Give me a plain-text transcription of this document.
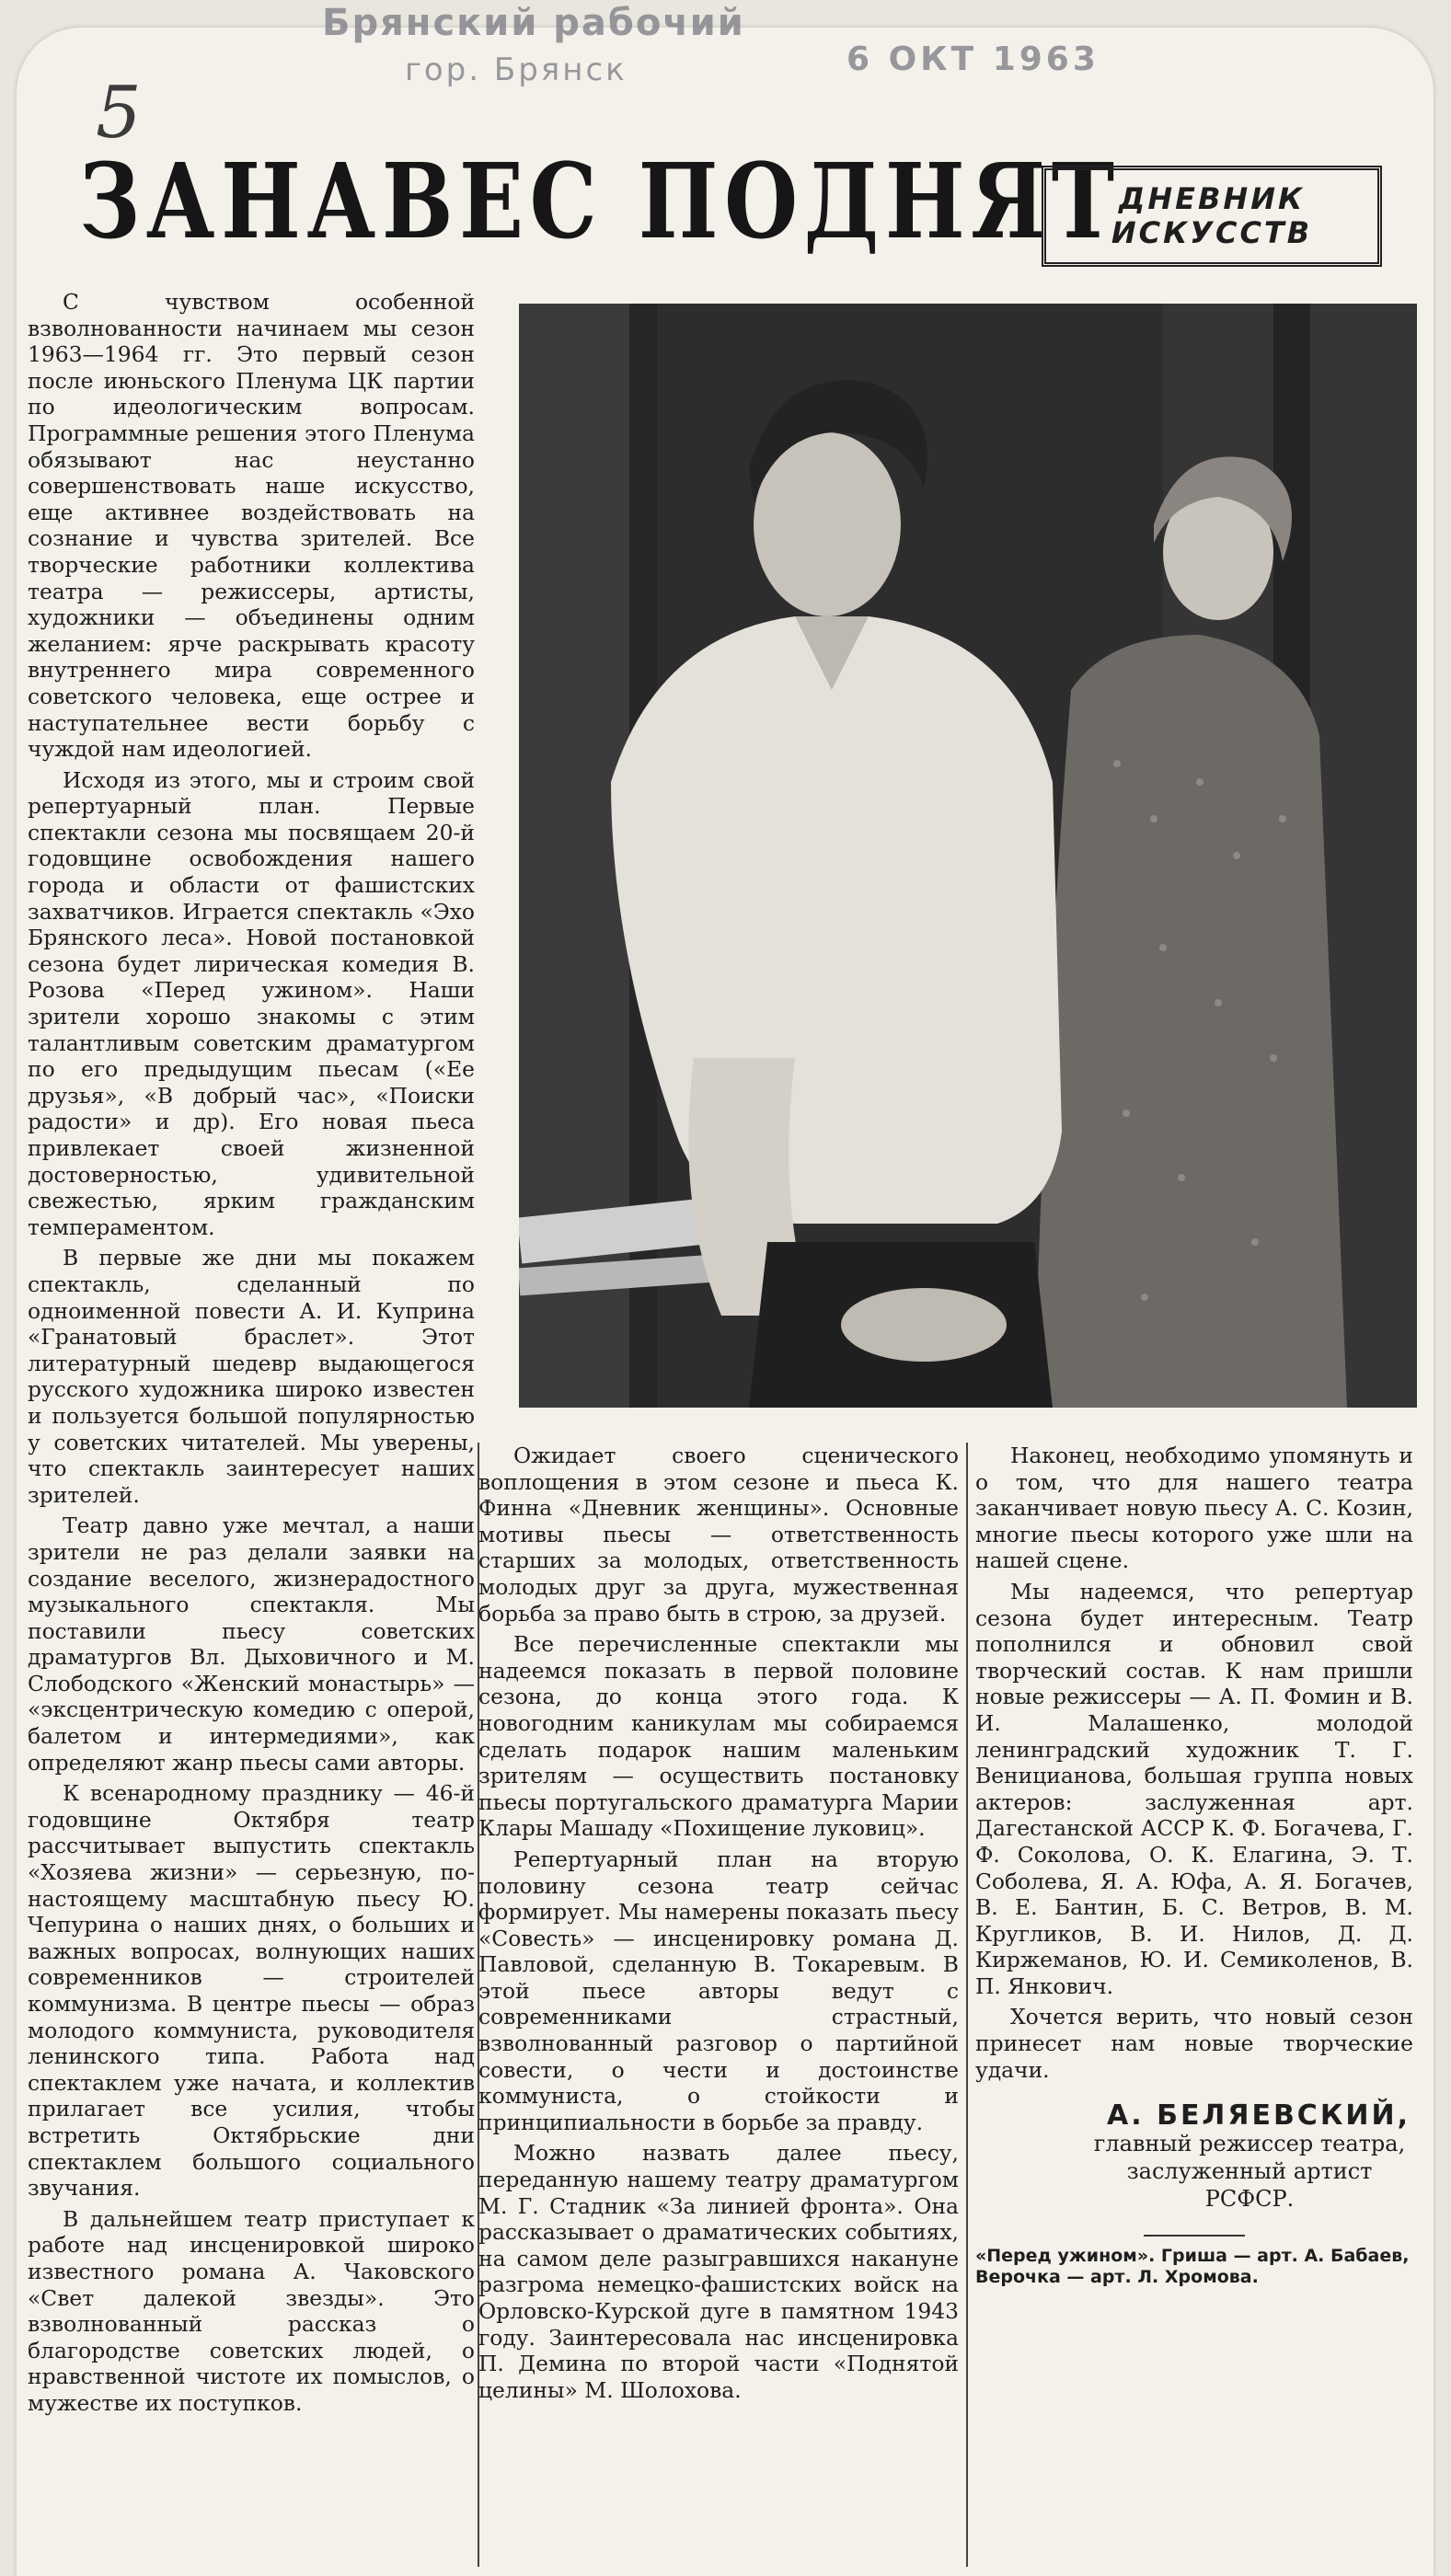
Брянский рабочий
гор. Брянск	6 ОКТ 1963
5
ЗАНАВЕС ПОДНЯТ
ДНЕВНИК
ИСКУССТВ

С чувством особенной взволнованности начинаем мы сезон 1963—1964 гг. Это первый сезон после июньского Пленума ЦК партии по идеологическим вопросам. Программные решения этого Пленума обязывают нас неустанно совершенствовать наше искусство, еще активнее воздействовать на сознание и чувства зрителей. Все творческие работники коллектива театра — режиссеры, артисты, художники — объединены одним желанием: ярче раскрывать красоту внутреннего мира современного советского человека, еще острее и наступательнее вести борьбу с чуждой нам идеологией.

Исходя из этого, мы и строим свой репертуарный план. Первые спектакли сезона мы посвящаем 20-й годовщине освобождения нашего города и области от фашистских захватчиков. Играется спектакль «Эхо Брянского леса». Новой постановкой сезона будет лирическая комедия В. Розова «Перед ужином». Наши зрители хорошо знакомы с этим талантливым советским драматургом по его предыдущим пьесам («Ее друзья», «В добрый час», «Поиски радости» и др). Его новая пьеса привлекает своей жизненной достоверностью, удивительной свежестью, ярким гражданским темпераментом.

В первые же дни мы покажем спектакль, сделанный по одноименной повести А. И. Куприна «Гранатовый браслет». Этот литературный шедевр выдающегося русского художника широко известен и пользуется большой популярностью у советских читателей. Мы уверены, что спектакль заинтересует наших зрителей.

Театр давно уже мечтал, а наши зрители не раз делали заявки на создание веселого, жизнерадостного музыкального спектакля. Мы поставили пьесу советских драматургов Вл. Дыховичного и М. Слободского «Женский монастырь» — «эксцентрическую комедию с оперой, балетом и интермедиями», как определяют жанр пьесы сами авторы.

К всенародному празднику — 46-й годовщине Октября театр рассчитывает выпустить спектакль «Хозяева жизни» — серьезную, по-настоящему масштабную пьесу Ю. Чепурина о наших днях, о больших и важных вопросах, волнующих наших современников — строителей коммунизма. В центре пьесы — образ молодого коммуниста, руководителя ленинского типа. Работа над спектаклем уже начата, и коллектив прилагает все усилия, чтобы встретить Октябрьские дни спектаклем большого социального звучания.

В дальнейшем театр приступает к работе над инсценировкой широко известного романа А. Чаковского «Свет далекой звезды». Это взволнованный рассказ о благородстве советских людей, о нравственной чистоте их помыслов, о мужестве их поступков.

Ожидает своего сценического воплощения в этом сезоне и пьеса К. Финна «Дневник женщины». Основные мотивы пьесы — ответственность старших за молодых, ответственность молодых друг за друга, мужественная борьба за право быть в строю, за друзей.

Все перечисленные спектакли мы надеемся показать в первой половине сезона, до конца этого года. К новогодним каникулам мы собираемся сделать подарок нашим маленьким зрителям — осуществить постановку пьесы португальского драматурга Марии Клары Машаду «Похищение луковиц».

Репертуарный план на вторую половину сезона театр сейчас формирует. Мы намерены показать пьесу «Совесть» — инсценировку романа Д. Павловой, сделанную В. Токаревым. В этой пьесе авторы ведут с современниками страстный, взволнованный разговор о партийной совести, о чести и достоинстве коммуниста, о стойкости и принципиальности в борьбе за правду.

Можно назвать далее пьесу, переданную нашему театру драматургом М. Г. Стадник «За линией фронта». Она рассказывает о драматических событиях, на самом деле разыгравшихся накануне разгрома немецко-фашистских войск на Орловско-Курской дуге в памятном 1943 году. Заинтересовала нас инсценировка П. Демина по второй части «Поднятой целины» М. Шолохова.

Наконец, необходимо упомянуть и о том, что для нашего театра заканчивает новую пьесу А. С. Козин, многие пьесы которого уже шли на нашей сцене.

Мы надеемся, что репертуар сезона будет интересным. Театр пополнился и обновил свой творческий состав. К нам пришли новые режиссеры — А. П. Фомин и В. И. Малашенко, молодой ленинградский художник Т. Г. Веницианова, большая группа новых актеров: заслуженная арт. Дагестанской АССР К. Ф. Богачева, Г. Ф. Соколова, О. К. Елагина, Э. Т. Соболева, Я. А. Юфа, А. Я. Богачев, В. Е. Бантин, Б. С. Ветров, В. М. Кругликов, В. И. Нилов, Д. Д. Киржеманов, Ю. И. Семиколенов, В. П. Янкович.

Хочется верить, что новый сезон принесет нам новые творческие удачи.

А. БЕЛЯЕВСКИЙ,
главный режиссер театра,
заслуженный артист РСФСР.
«Перед ужином». Гриша — арт. А. Бабаев, Верочка — арт. Л. Хромова.
